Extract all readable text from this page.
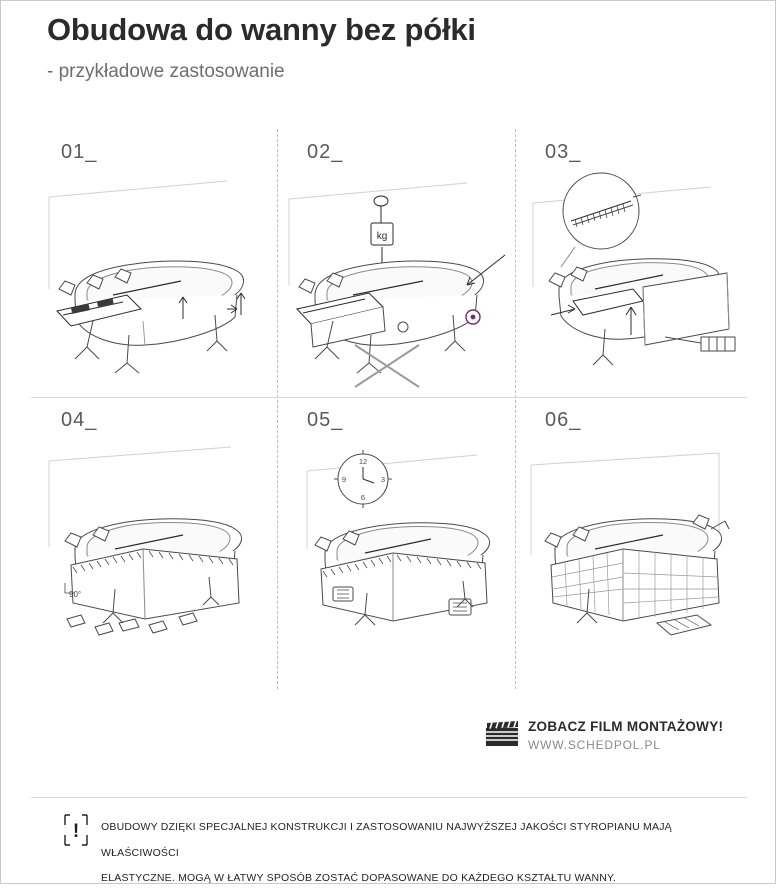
Obudowa do wanny bez półki
- przykładowe zastosowanie
01_	02_
kg
03_
04_
90°
05_
12
3
6
9
06_
ZOBACZ FILM MONTAŻOWY!
WWW.SCHEDPOL.PL
! OBUDOWY DZIĘKI SPECJALNEJ KONSTRUKCJI I ZASTOSOWANIU NAJWYŻSZEJ JAKOŚCI STYROPIANU MAJĄ WŁAŚCIWOŚCI
ELASTYCZNE. MOGĄ W ŁATWY SPOSÓB ZOSTAĆ DOPASOWANE DO KAŻDEGO KSZTAŁTU WANNY.
